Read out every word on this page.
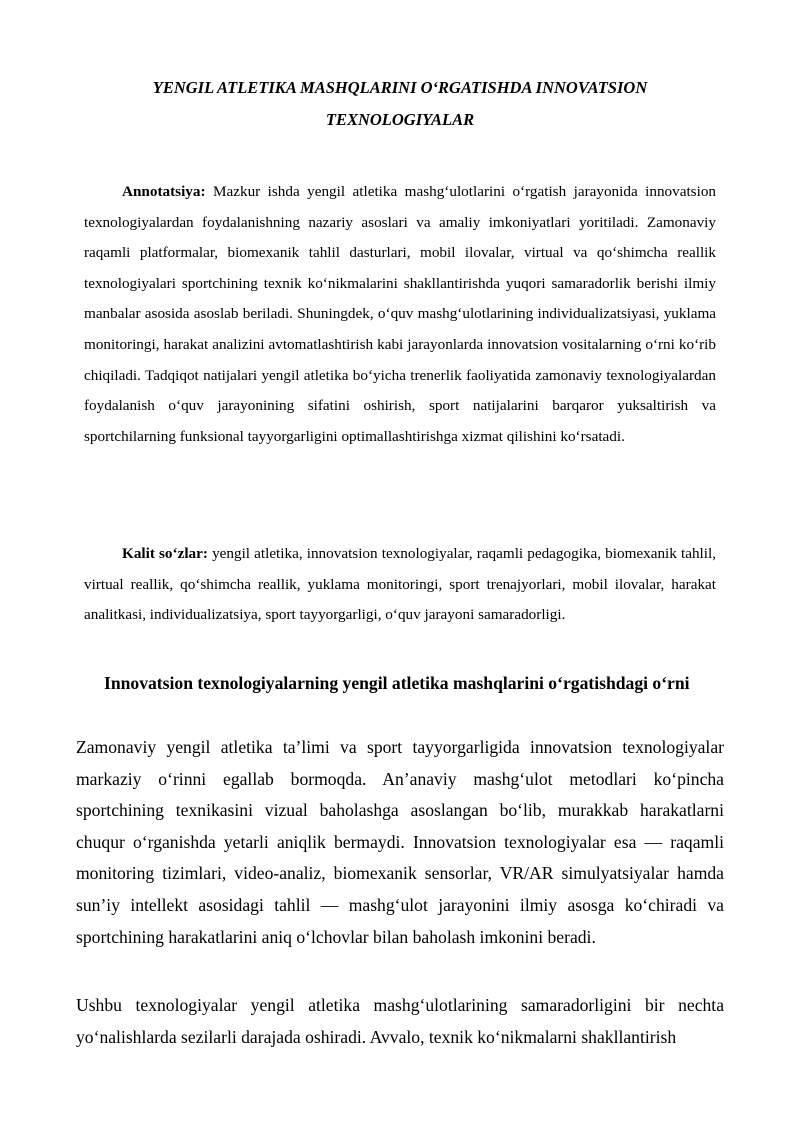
YENGIL ATLETIKA MASHQLARINI O‘RGATISHDA INNOVATSION TEXNOLOGIYALAR

Annotatsiya: Mazkur ishda yengil atletika mashg‘ulotlarini o‘rgatish jarayonida innovatsion texnologiyalardan foydalanishning nazariy asoslari va amaliy imkoniyatlari yoritiladi. Zamonaviy raqamli platformalar, biomexanik tahlil dasturlari, mobil ilovalar, virtual va qo‘shimcha reallik texnologiyalari sportchining texnik ko‘nikmalarini shakllantirishda yuqori samaradorlik berishi ilmiy manbalar asosida asoslab beriladi. Shuningdek, o‘quv mashg‘ulotlarining individualizatsiyasi, yuklama monitoringi, harakat analizini avtomatlashtirish kabi jarayonlarda innovatsion vositalarning o‘rni ko‘rib chiqiladi. Tadqiqot natijalari yengil atletika bo‘yicha trenerlik faoliyatida zamonaviy texnologiyalardan foydalanish o‘quv jarayonining sifatini oshirish, sport natijalarini barqaror yuksaltirish va sportchilarning funksional tayyorgarligini optimallashtirishga xizmat qilishini ko‘rsatadi.

Kalit so‘zlar: yengil atletika, innovatsion texnologiyalar, raqamli pedagogika, biomexanik tahlil, virtual reallik, qo‘shimcha reallik, yuklama monitoringi, sport trenajyorlari, mobil ilovalar, harakat analitkasi, individualizatsiya, sport tayyorgarligi, o‘quv jarayoni samaradorligi.

Innovatsion texnologiyalarning yengil atletika mashqlarini o‘rgatishdagi o‘rni

Zamonaviy yengil atletika ta’limi va sport tayyorgarligida innovatsion texnologiyalar markaziy o‘rinni egallab bormoqda. An’anaviy mashg‘ulot metodlari ko‘pincha sportchining texnikasini vizual baholashga asoslangan bo‘lib, murakkab harakatlarni chuqur o‘rganishda yetarli aniqlik bermaydi. Innovatsion texnologiyalar esa — raqamli monitoring tizimlari, video-analiz, biomexanik sensorlar, VR/AR simulyatsiyalar hamda sun’iy intellekt asosidagi tahlil — mashg‘ulot jarayonini ilmiy asosga ko‘chiradi va sportchining harakatlarini aniq o‘lchovlar bilan baholash imkonini beradi.

Ushbu texnologiyalar yengil atletika mashg‘ulotlarining samaradorligini bir nechta yo‘nalishlarda sezilarli darajada oshiradi. Avvalo, texnik ko‘nikmalarni shakllantirish
